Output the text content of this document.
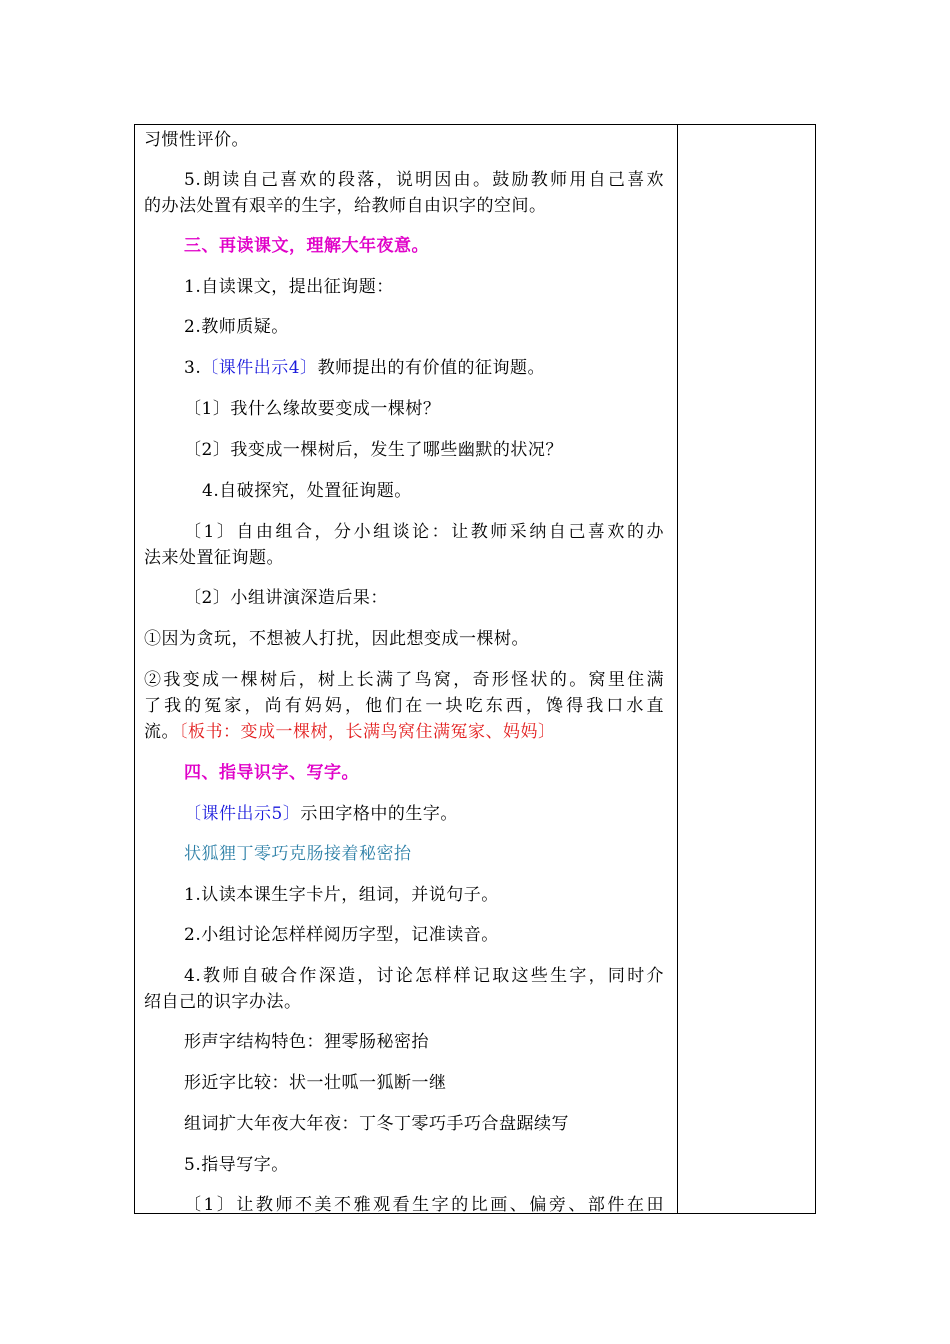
习惯性评价。
5.朗读自己喜欢的段落，说明因由。鼓励教师用自己喜欢
的办法处置有艰辛的生字，给教师自由识字的空间。
三、再读课文，理解大年夜意。
1.自读课文，提出征询题：
2.教师质疑。
3.〔课件出示4〕教师提出的有价值的征询题。
〔1〕我什么缘故要变成一棵树？
〔2〕我变成一棵树后，发生了哪些幽默的状况？
4.自破探究，处置征询题。
〔1〕自由组合，分小组谈论：让教师采纳自己喜欢的办
法来处置征询题。
〔2〕小组讲演深造后果：
①因为贪玩，不想被人打扰，因此想变成一棵树。
②我变成一棵树后，树上长满了鸟窝，奇形怪状的。窝里住满
了我的冤家，尚有妈妈，他们在一块吃东西，馋得我口水直
流。〔板书：变成一棵树，长满鸟窝住满冤家、妈妈〕
四、指导识字、写字。
〔课件出示5〕示田字格中的生字。
状狐狸丁零巧克肠接着秘密抬
1.认读本课生字卡片，组词，并说句子。
2.小组讨论怎样样阅历字型，记准读音。
4.教师自破合作深造，讨论怎样样记取这些生字，同时介
绍自己的识字办法。
形声字结构特色：狸零肠秘密抬
形近字比较：状一壮呱一狐断一继
组词扩大年夜大年夜：丁冬丁零巧手巧合盘踞续写
5.指导写字。
〔1〕让教师不美不雅观看生字的比画、偏旁、部件在田
